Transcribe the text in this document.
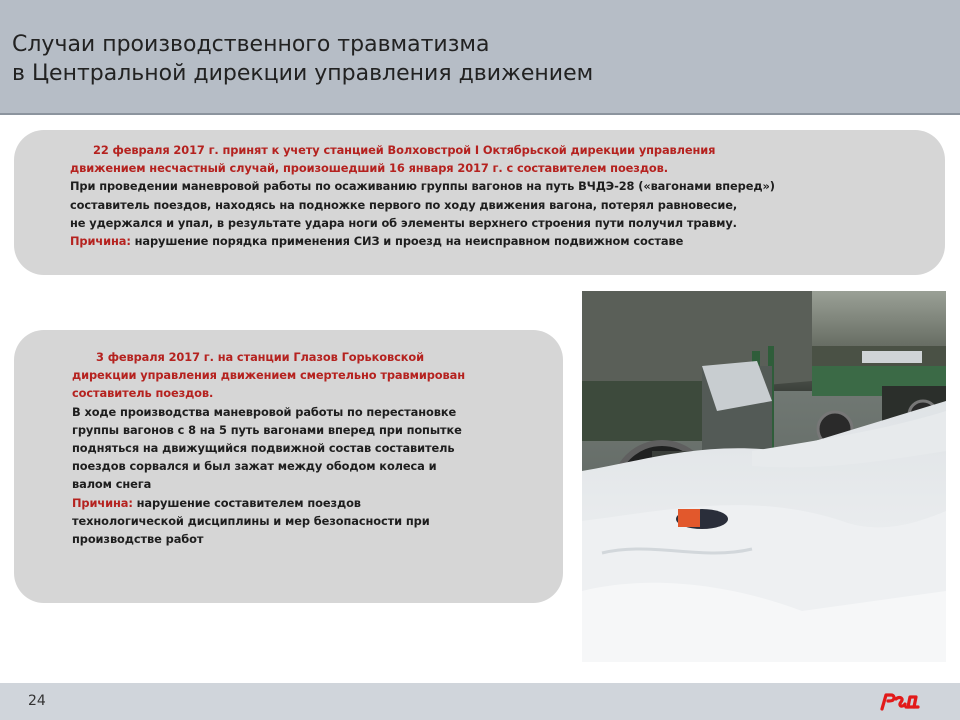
Случаи производственного травматизма
в Центральной дирекции управления движением

22 февраля 2017 г. принят к учету станцией Волховстрой I Октябрьской дирекции управления

движением несчастный случай, произошедший 16 января 2017 г. с составителем поездов.

При проведении маневровой работы по осаживанию группы вагонов на путь ВЧДЭ-28 («вагонами вперед»)

составитель поездов, находясь на подножке первого по ходу движения вагона, потерял равновесие,

не удержался и упал, в результате удара ноги об элементы верхнего строения пути получил травму.

Причина: нарушение порядка применения СИЗ и проезд на неисправном подвижном составе

3 февраля 2017 г. на станции Глазов Горьковской

дирекции управления движением смертельно травмирован

составитель поездов.

В ходе производства маневровой работы по перестановке

группы вагонов с 8 на 5 путь вагонами вперед при попытке

подняться на движущийся подвижной состав составитель

поездов сорвался и был зажат между ободом колеса и

валом снега

Причина: нарушение составителем поездов

технологической дисциплины и мер безопасности при

производстве работ

24
